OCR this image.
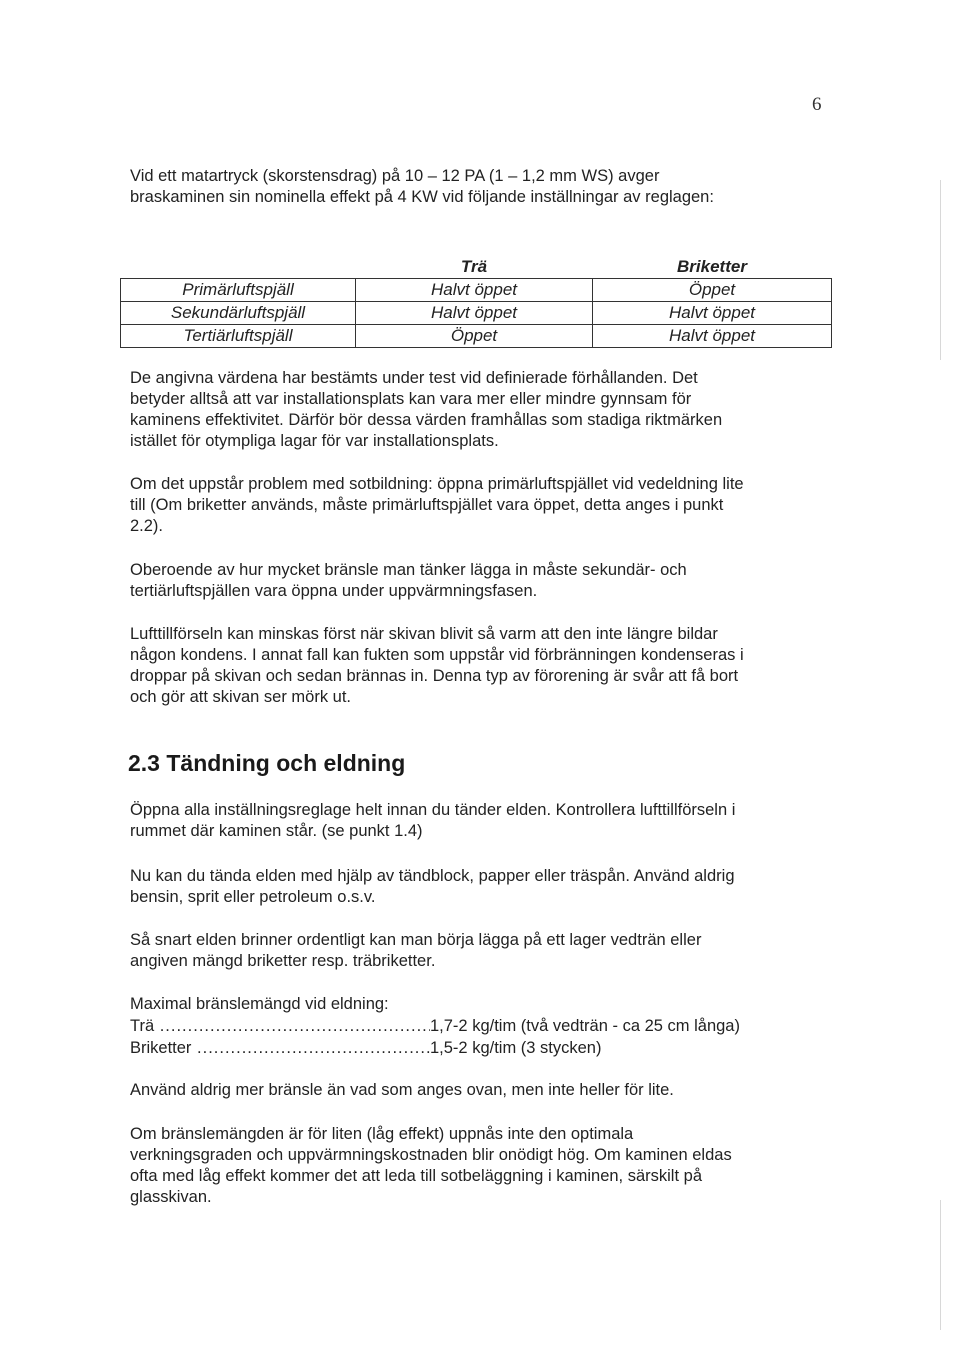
6

Vid ett matartryck (skorstensdrag) på 10 – 12 PA (1 – 1,2 mm WS) avger
braskaminen sin nominella effekt på 4 KW vid följande inställningar av reglagen:

	Trä	Briketter
Primärluftspjäll	Halvt öppet	Öppet
Sekundärluftspjäll	Halvt öppet	Halvt öppet
Tertiärluftspjäll	Öppet	Halvt öppet

De angivna värdena har bestämts under test vid definierade förhållanden. Det
betyder alltså att var installationsplats kan vara mer eller mindre gynnsam för
kaminens effektivitet. Därför bör dessa värden framhållas som stadiga riktmärken
istället för otympliga lagar för var installationsplats.

Om det uppstår problem med sotbildning: öppna primärluftspjället vid vedeldning lite
till (Om briketter används, måste primärluftspjället vara öppet, detta anges i punkt
2.2).

Oberoende av hur mycket bränsle man tänker lägga in måste sekundär- och
tertiärluftspjällen vara öppna under uppvärmningsfasen.

Lufttillförseln kan minskas först när skivan blivit så varm att den inte längre bildar
någon kondens. I annat fall kan fukten som uppstår vid förbränningen kondenseras i
droppar på skivan och sedan brännas in. Denna typ av förorening är svår att få bort
och gör att skivan ser mörk ut.

2.3 Tändning och eldning

Öppna alla inställningsreglage helt innan du tänder elden. Kontrollera lufttillförseln i
rummet där kaminen står. (se punkt 1.4)

Nu kan du tända elden med hjälp av tändblock, papper eller träspån. Använd aldrig
bensin, sprit eller petroleum o.s.v.

Så snart elden brinner ordentligt kan man börja lägga på ett lager vedträn eller
angiven mängd briketter resp. träbriketter.

Maximal bränslemängd vid eldning:

Trä .....	1,7-2 kg/tim (två vedträn - ca 25 cm långa)
Briketter .....	1,5-2 kg/tim (3 stycken)

Använd aldrig mer bränsle än vad som anges ovan, men inte heller för lite.

Om bränslemängden är för liten (låg effekt) uppnås inte den optimala
verkningsgraden och uppvärmningskostnaden blir onödigt hög. Om kaminen eldas
ofta med låg effekt kommer det att leda till sotbeläggning i kaminen, särskilt på
glasskivan.
